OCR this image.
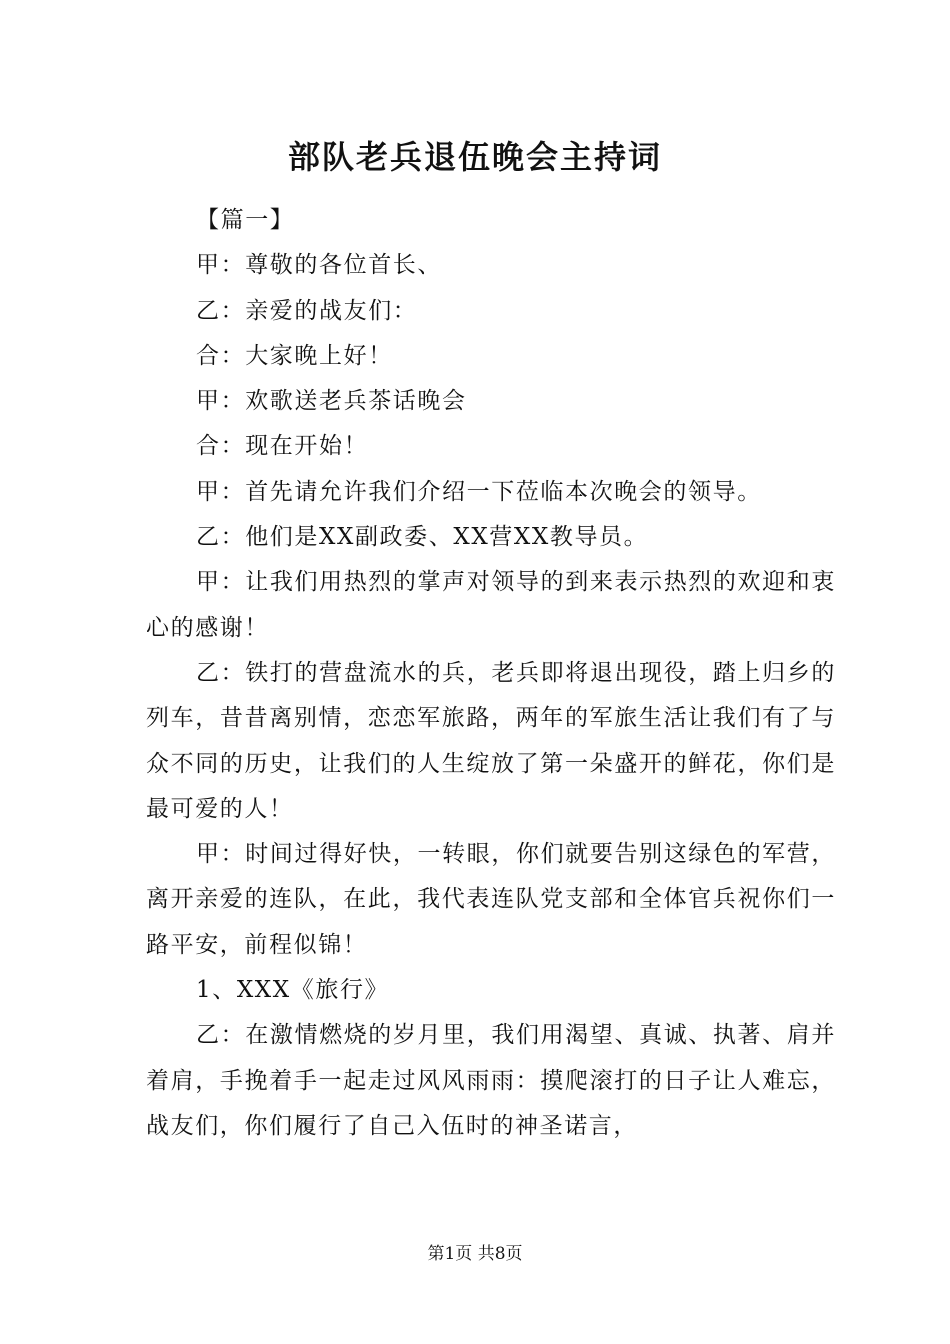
部队老兵退伍晚会主持词

【篇一】

甲：尊敬的各位首长、

乙：亲爱的战友们：

合：大家晚上好！

甲：欢歌送老兵茶话晚会

合：现在开始！

甲：首先请允许我们介绍一下莅临本次晚会的领导。

乙：他们是XX副政委、XX营XX教导员。

甲：让我们用热烈的掌声对领导的到来表示热烈的欢迎和衷心的感谢！

乙：铁打的营盘流水的兵，老兵即将退出现役，踏上归乡的列车，昔昔离别情，恋恋军旅路，两年的军旅生活让我们有了与众不同的历史，让我们的人生绽放了第一朵盛开的鲜花，你们是最可爱的人！

甲：时间过得好快，一转眼，你们就要告别这绿色的军营，离开亲爱的连队，在此，我代表连队党支部和全体官兵祝你们一路平安，前程似锦！

1、XXX《旅行》

乙：在激情燃烧的岁月里，我们用渴望、真诚、执著、肩并着肩，手挽着手一起走过风风雨雨：摸爬滚打的日子让人难忘，战友们，你们履行了自己入伍时的神圣诺言，

第1页 共8页
